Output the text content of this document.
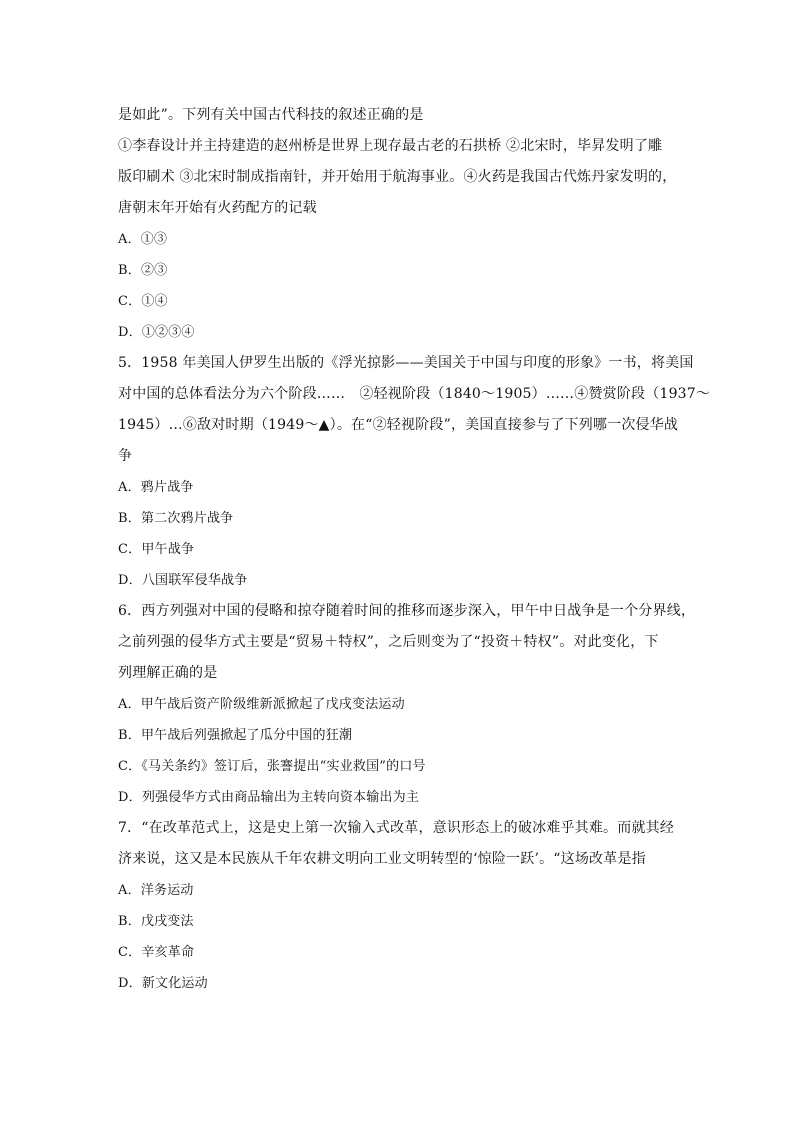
是如此”。下列有关中国古代科技的叙述正确的是
①李春设计并主持建造的赵州桥是世界上现存最古老的石拱桥 ②北宋时，毕昇发明了雕
版印刷术 ③北宋时制成指南针，并开始用于航海事业。④火药是我国古代炼丹家发明的，
唐朝末年开始有火药配方的记载
A．①③
B．②③
C．①④
D．①②③④
5．1958 年美国人伊罗生出版的《浮光掠影——美国关于中国与印度的形象》一书，将美国
对中国的总体看法分为六个阶段……　②轻视阶段（1840～1905）……④赞赏阶段（1937～
1945）…⑥敌对时期（1949～▲）。在“②轻视阶段”，美国直接参与了下列哪一次侵华战
争
A．鸦片战争
B．第二次鸦片战争
C．甲午战争
D．八国联军侵华战争
6．西方列强对中国的侵略和掠夺随着时间的推移而逐步深入，甲午中日战争是一个分界线，
之前列强的侵华方式主要是“贸易＋特权”，之后则变为了“投资＋特权”。对此变化，下
列理解正确的是
A．甲午战后资产阶级维新派掀起了戊戌变法运动
B．甲午战后列强掀起了瓜分中国的狂潮
C．《马关条约》签订后，张謇提出“实业救国”的口号
D．列强侵华方式由商品输出为主转向资本输出为主
7．“在改革范式上，这是史上第一次输入式改革，意识形态上的破冰难乎其难。而就其经
济来说，这又是本民族从千年农耕文明向工业文明转型的‘惊险一跃’。“这场改革是指
A．洋务运动
B．戊戌变法
C．辛亥革命
D．新文化运动
